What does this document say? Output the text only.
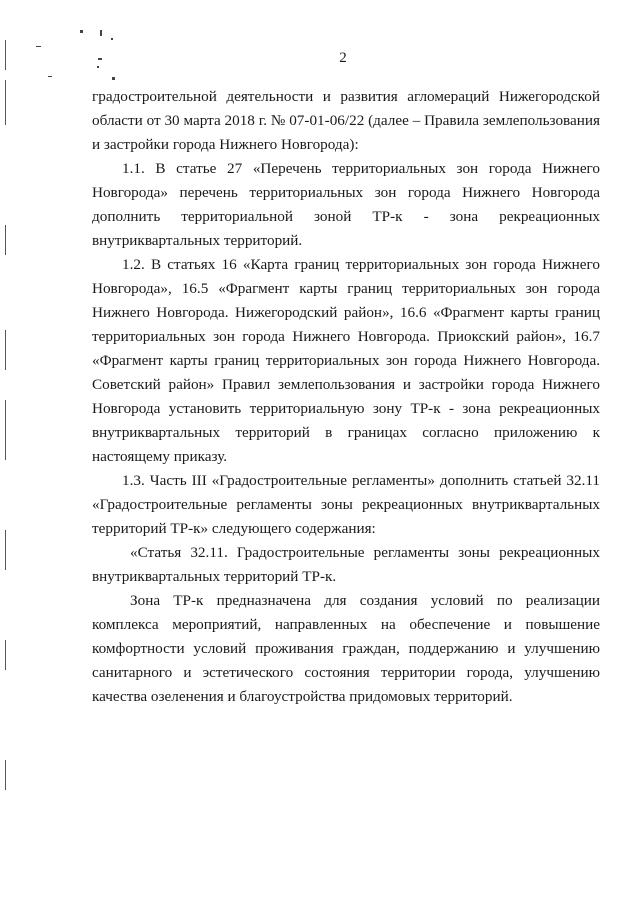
2

градостроительной деятельности и развития агломераций Нижегородской области от 30 марта 2018 г. № 07-01-06/22 (далее – Правила землепользования и застройки города Нижнего Новгорода):

1.1. В статье 27 «Перечень территориальных зон города Нижнего Новгорода» перечень территориальных зон города Нижнего Новгорода дополнить территориальной зоной ТР-к - зона рекреационных внутриквартальных территорий.

1.2. В статьях 16 «Карта границ территориальных зон города Нижнего Новгорода», 16.5 «Фрагмент карты границ территориальных зон города Нижнего Новгорода. Нижегородский район», 16.6 «Фрагмент карты границ территориальных зон города Нижнего Новгорода. Приокский район», 16.7 «Фрагмент карты границ территориальных зон города Нижнего Новгорода. Советский район» Правил землепользования и застройки города Нижнего Новгорода установить территориальную зону ТР-к - зона рекреационных внутриквартальных территорий в границах согласно приложению к настоящему приказу.

1.3. Часть III «Градостроительные регламенты» дополнить статьей 32.11 «Градостроительные регламенты зоны рекреационных внутриквартальных территорий ТР-к» следующего содержания:

«Статья 32.11. Градостроительные регламенты зоны рекреационных внутриквартальных территорий ТР-к.

Зона ТР-к предназначена для создания условий по реализации комплекса мероприятий, направленных на обеспечение и повышение комфортности условий проживания граждан, поддержанию и улучшению санитарного и эстетического состояния территории города, улучшению качества озеленения и благоустройства придомовых территорий.
